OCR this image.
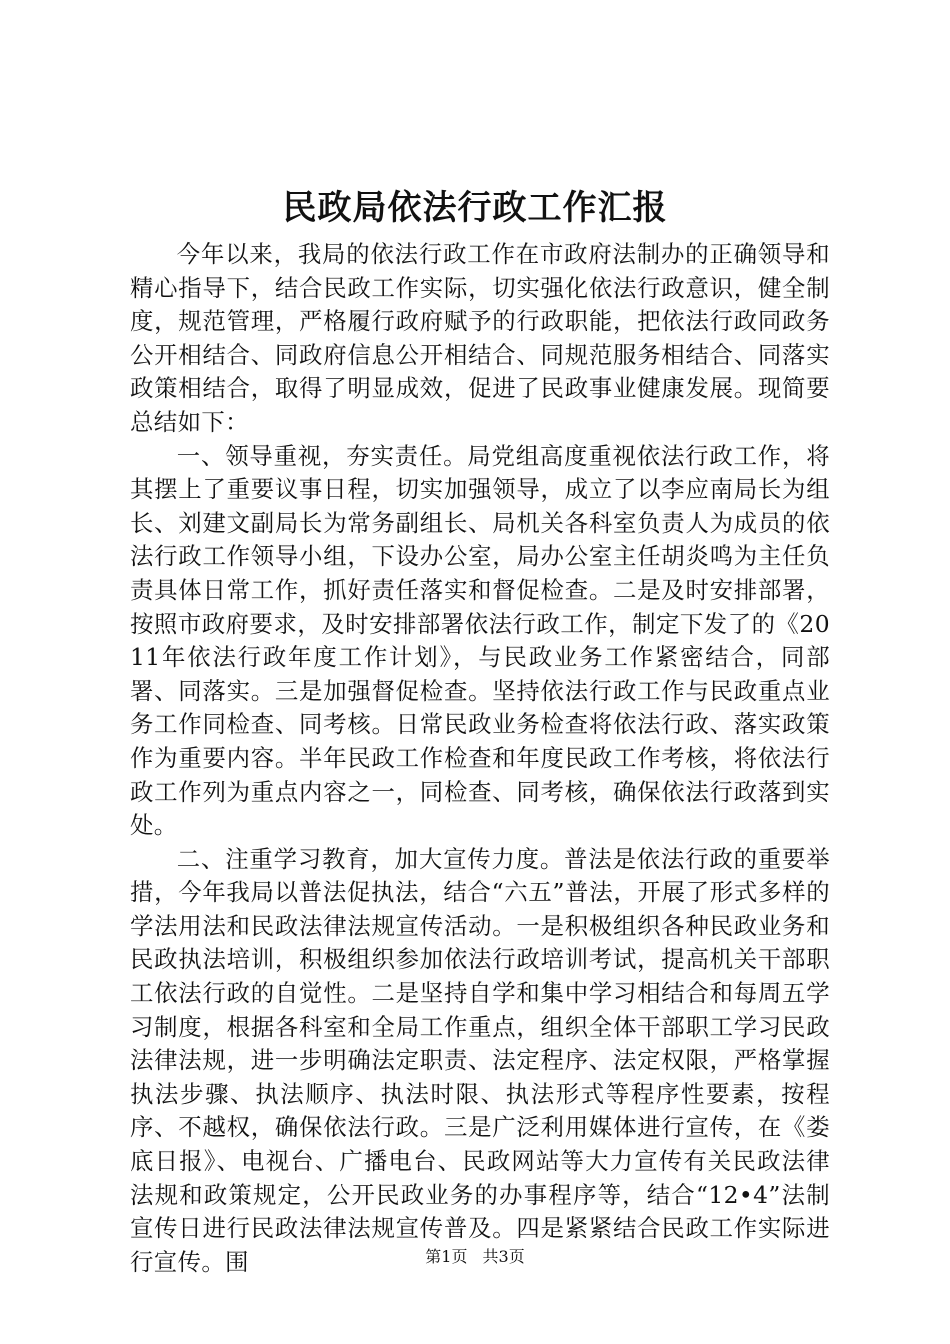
民政局依法行政工作汇报

今年以来，我局的依法行政工作在市政府法制办的正确领导和精心指导下，结合民政工作实际，切实强化依法行政意识，健全制度，规范管理，严格履行政府赋予的行政职能，把依法行政同政务公开相结合、同政府信息公开相结合、同规范服务相结合、同落实政策相结合，取得了明显成效，促进了民政事业健康发展。现简要总结如下：

一、领导重视，夯实责任。局党组高度重视依法行政工作，将其摆上了重要议事日程，切实加强领导，成立了以李应南局长为组长、刘建文副局长为常务副组长、局机关各科室负责人为成员的依法行政工作领导小组，下设办公室，局办公室主任胡炎鸣为主任负责具体日常工作，抓好责任落实和督促检查。二是及时安排部署，按照市政府要求，及时安排部署依法行政工作，制定下发了的《2011年依法行政年度工作计划》，与民政业务工作紧密结合，同部署、同落实。三是加强督促检查。坚持依法行政工作与民政重点业务工作同检查、同考核。日常民政业务检查将依法行政、落实政策作为重要内容。半年民政工作检查和年度民政工作考核，将依法行政工作列为重点内容之一，同检查、同考核，确保依法行政落到实处。

二、注重学习教育，加大宣传力度。普法是依法行政的重要举措，今年我局以普法促执法，结合“六五”普法，开展了形式多样的学法用法和民政法律法规宣传活动。一是积极组织各种民政业务和民政执法培训，积极组织参加依法行政培训考试，提高机关干部职工依法行政的自觉性。二是坚持自学和集中学习相结合和每周五学习制度，根据各科室和全局工作重点，组织全体干部职工学习民政法律法规，进一步明确法定职责、法定程序、法定权限，严格掌握执法步骤、执法顺序、执法时限、执法形式等程序性要素，按程序、不越权，确保依法行政。三是广泛利用媒体进行宣传，在《娄底日报》、电视台、广播电台、民政网站等大力宣传有关民政法律法规和政策规定，公开民政业务的办事程序等，结合“12•4”法制宣传日进行民政法律法规宣传普及。四是紧紧结合民政工作实际进行宣传。围	第1页 共3页
